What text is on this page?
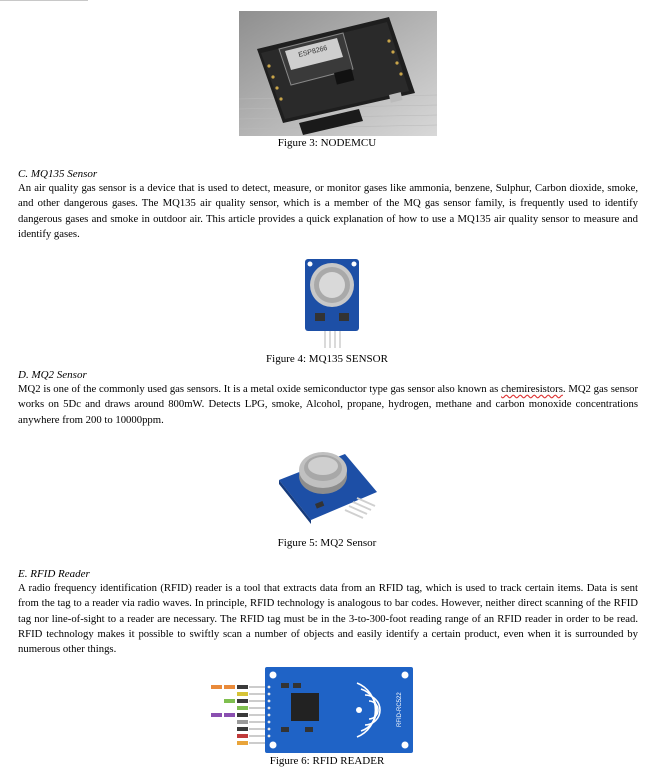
ESP8266
Figure 3: NODEMCU
C. MQ135 Sensor

An air quality gas sensor is a device that is used to detect, measure, or monitor gases like ammonia, benzene, Sulphur, Carbon dioxide, smoke, and other dangerous gases. The MQ135 air quality sensor, which is a member of the MQ gas sensor family, is frequently used to identify dangerous gases and smoke in outdoor air. This article provides a quick explanation of how to use a MQ135 air quality sensor to measure and identify gases.

Figure 4: MQ135 SENSOR
D. MQ2 Sensor

MQ2 is one of the commonly used gas sensors. It is a metal oxide semiconductor type gas sensor also known as chemiresistors. MQ2 gas sensor works on 5Dc and draws around 800mW. Detects LPG, smoke, Alcohol, propane, hydrogen, methane and carbon monoxide concentrations anywhere from 200 to 10000ppm.

Figure 5: MQ2 Sensor
E. RFID Reader

A radio frequency identification (RFID) reader is a tool that extracts data from an RFID tag, which is used to track certain items. Data is sent from the tag to a reader via radio waves. In principle, RFID technology is analogous to bar codes. However, neither direct scanning of the RFID tag nor line-of-sight to a reader are necessary. The RFID tag must be in the 3-to-300-foot reading range of an RFID reader in order to be read. RFID technology makes it possible to swiftly scan a number of objects and easily identify a certain product, even when it is surrounded by numerous other things.

RFID-RC522
Figure 6: RFID READER
